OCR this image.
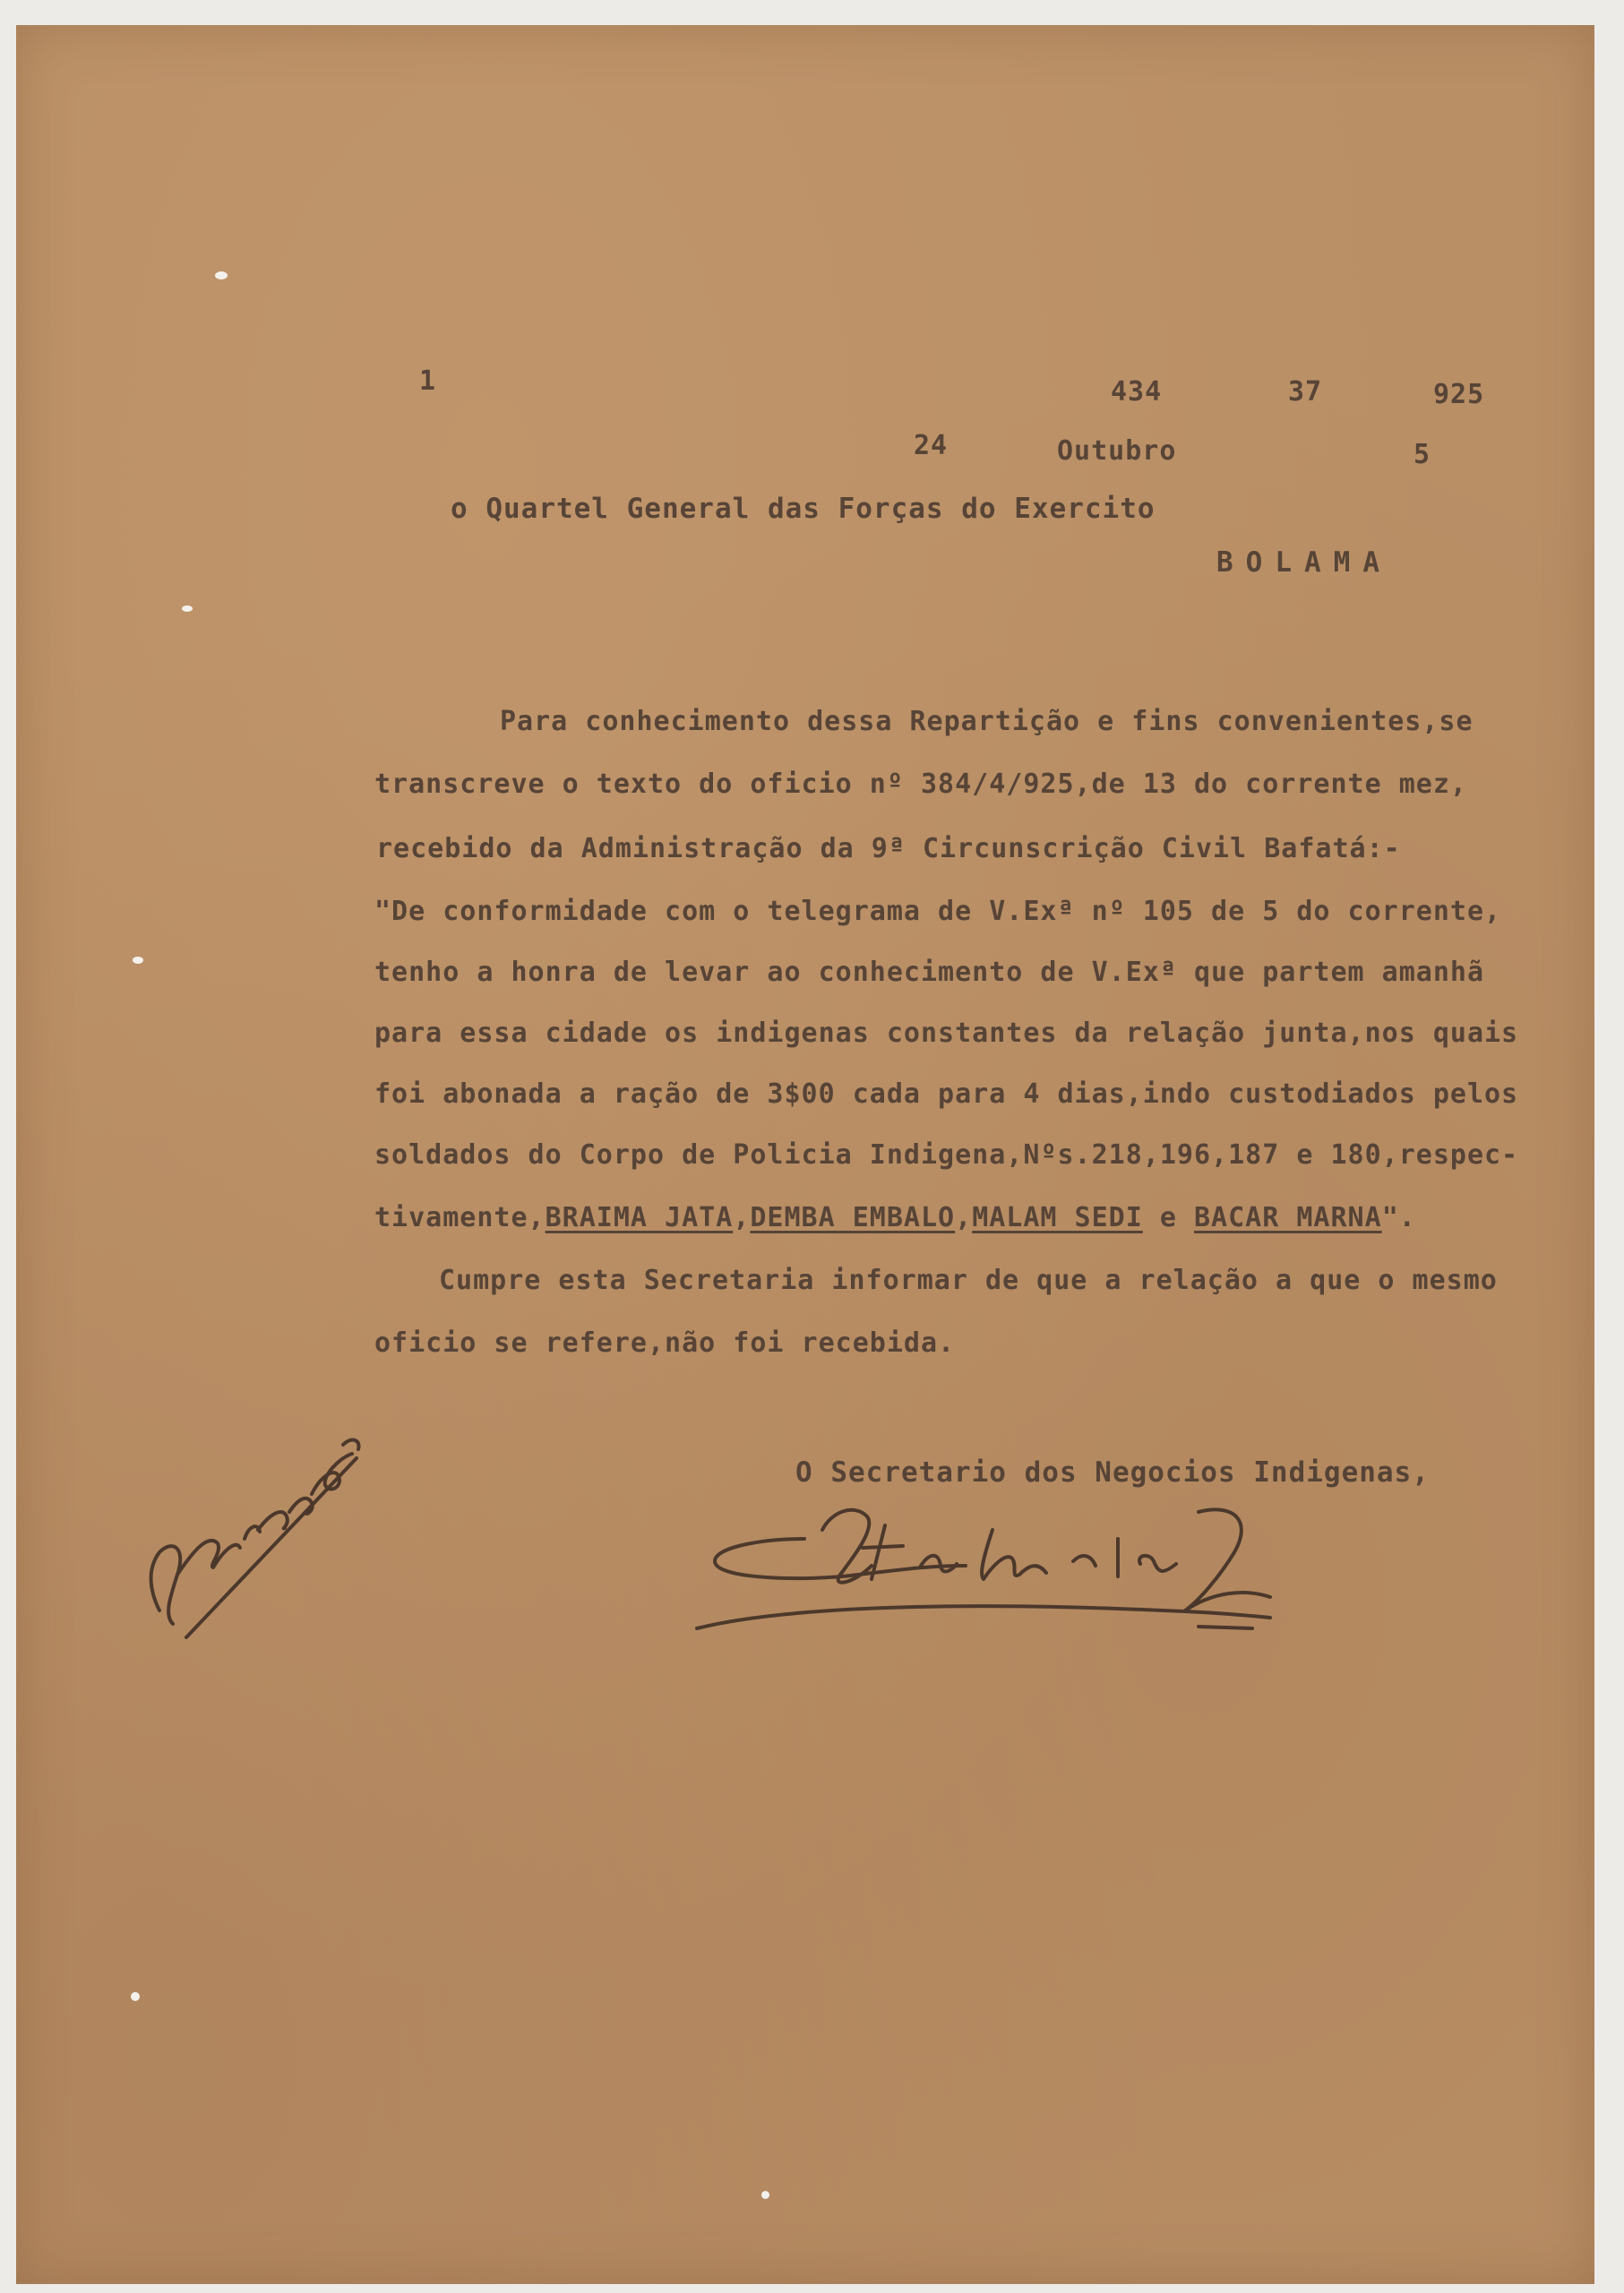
1	434	37	925
24	Outubro	5
o Quartel General das Forças do Exercito
BOLAMA
Para conhecimento dessa Repartição e fins convenientes,se
transcreve o texto do oficio nº 384/4/925,de 13 do corrente mez,
recebido da Administração da 9ª Circunscrição Civil Bafatá:-
"De conformidade com o telegrama de V.Exª nº 105 de 5 do corrente,
tenho a honra de levar ao conhecimento de V.Exª que partem amanhã
para essa cidade os indigenas constantes da relação junta,nos quais
foi abonada a ração de 3$00 cada para 4 dias,indo custodiados pelos
soldados do Corpo de Policia Indigena,Nºs.218,196,187 e 180,respec-
tivamente,BRAIMA JATA,DEMBA EMBALO,MALAM SEDI e BACAR MARNA".
Cumpre esta Secretaria informar de que a relação a que o mesmo
oficio se refere,não foi recebida.
O Secretario dos Negocios Indigenas,
